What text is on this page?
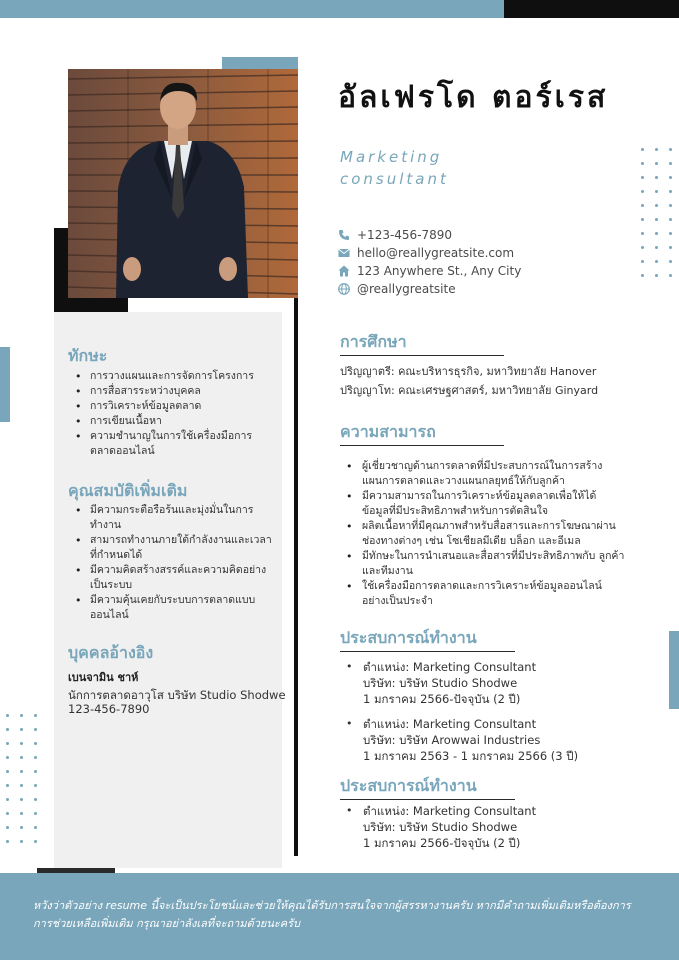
ทักษะ
• การวางแผนและการจัดการโครงการ
• การสื่อสารระหว่างบุคคล
• การวิเคราะห์ข้อมูลตลาด
• การเขียนเนื้อหา
• ความชำนาญในการใช้เครื่องมือการ ตลาดออนไลน์
คุณสมบัติเพิ่มเติม
• มีความกระตือรือร้นและมุ่งมั่นในการ ทำงาน
• สามารถทำงานภายใต้กำลังงานและเวลา ที่กำหนดได้
• มีความคิดสร้างสรรค์และความคิดอย่าง เป็นระบบ
• มีความคุ้นเคยกับระบบการตลาดแบบ ออนไลน์
บุคคลอ้างอิง
เบนจามิน ชาห์
นักการตลาดอาวุโส บริษัท Studio Shodwe
123-456-7890
อัลเฟรโด ตอร์เรส
Marketing
consultant
+123-456-7890
hello@reallygreatsite.com
123 Anywhere St., Any City
@reallygreatsite
การศึกษา
ปริญญาตรี: คณะบริหารธุรกิจ, มหาวิทยาลัย Hanover
ปริญญาโท: คณะเศรษฐศาสตร์, มหาวิทยาลัย Ginyard
ความสามารถ
• ผู้เชี่ยวชาญด้านการตลาดที่มีประสบการณ์ในการสร้าง แผนการตลาดและวางแผนกลยุทธ์ให้กับลูกค้า
• มีความสามารถในการวิเคราะห์ข้อมูลตลาดเพื่อให้ได้ ข้อมูลที่มีประสิทธิภาพสำหรับการตัดสินใจ
• ผลิตเนื้อหาที่มีคุณภาพสำหรับสื่อสารและการโฆษณาผ่าน ช่องทางต่างๆ เช่น โซเชียลมีเดีย บล็อก และอีเมล
• มีทักษะในการนำเสนอและสื่อสารที่มีประสิทธิภาพกับ ลูกค้าและทีมงาน
• ใช้เครื่องมือการตลาดและการวิเคราะห์ข้อมูลออนไลน์ อย่างเป็นประจำ
ประสบการณ์ทำงาน
• ตำแหน่ง: Marketing Consultant
บริษัท: บริษัท Studio Shodwe
1 มกราคม 2566-ปัจจุบัน (2 ปี)
• ตำแหน่ง: Marketing Consultant
บริษัท: บริษัท Arowwai Industries
1 มกราคม 2563 - 1 มกราคม 2566 (3 ปี)
ประสบการณ์ทำงาน
• ตำแหน่ง: Marketing Consultant
บริษัท: บริษัท Studio Shodwe
1 มกราคม 2566-ปัจจุบัน (2 ปี)
หวังว่าตัวอย่าง resume นี้จะเป็นประโยชน์และช่วยให้คุณได้รับการสนใจจากผู้สรรหางานครับ หากมีคำถามเพิ่มเติมหรือต้องการ
การช่วยเหลือเพิ่มเติม กรุณาอย่าลังเลที่จะถามด้วยนะครับ
